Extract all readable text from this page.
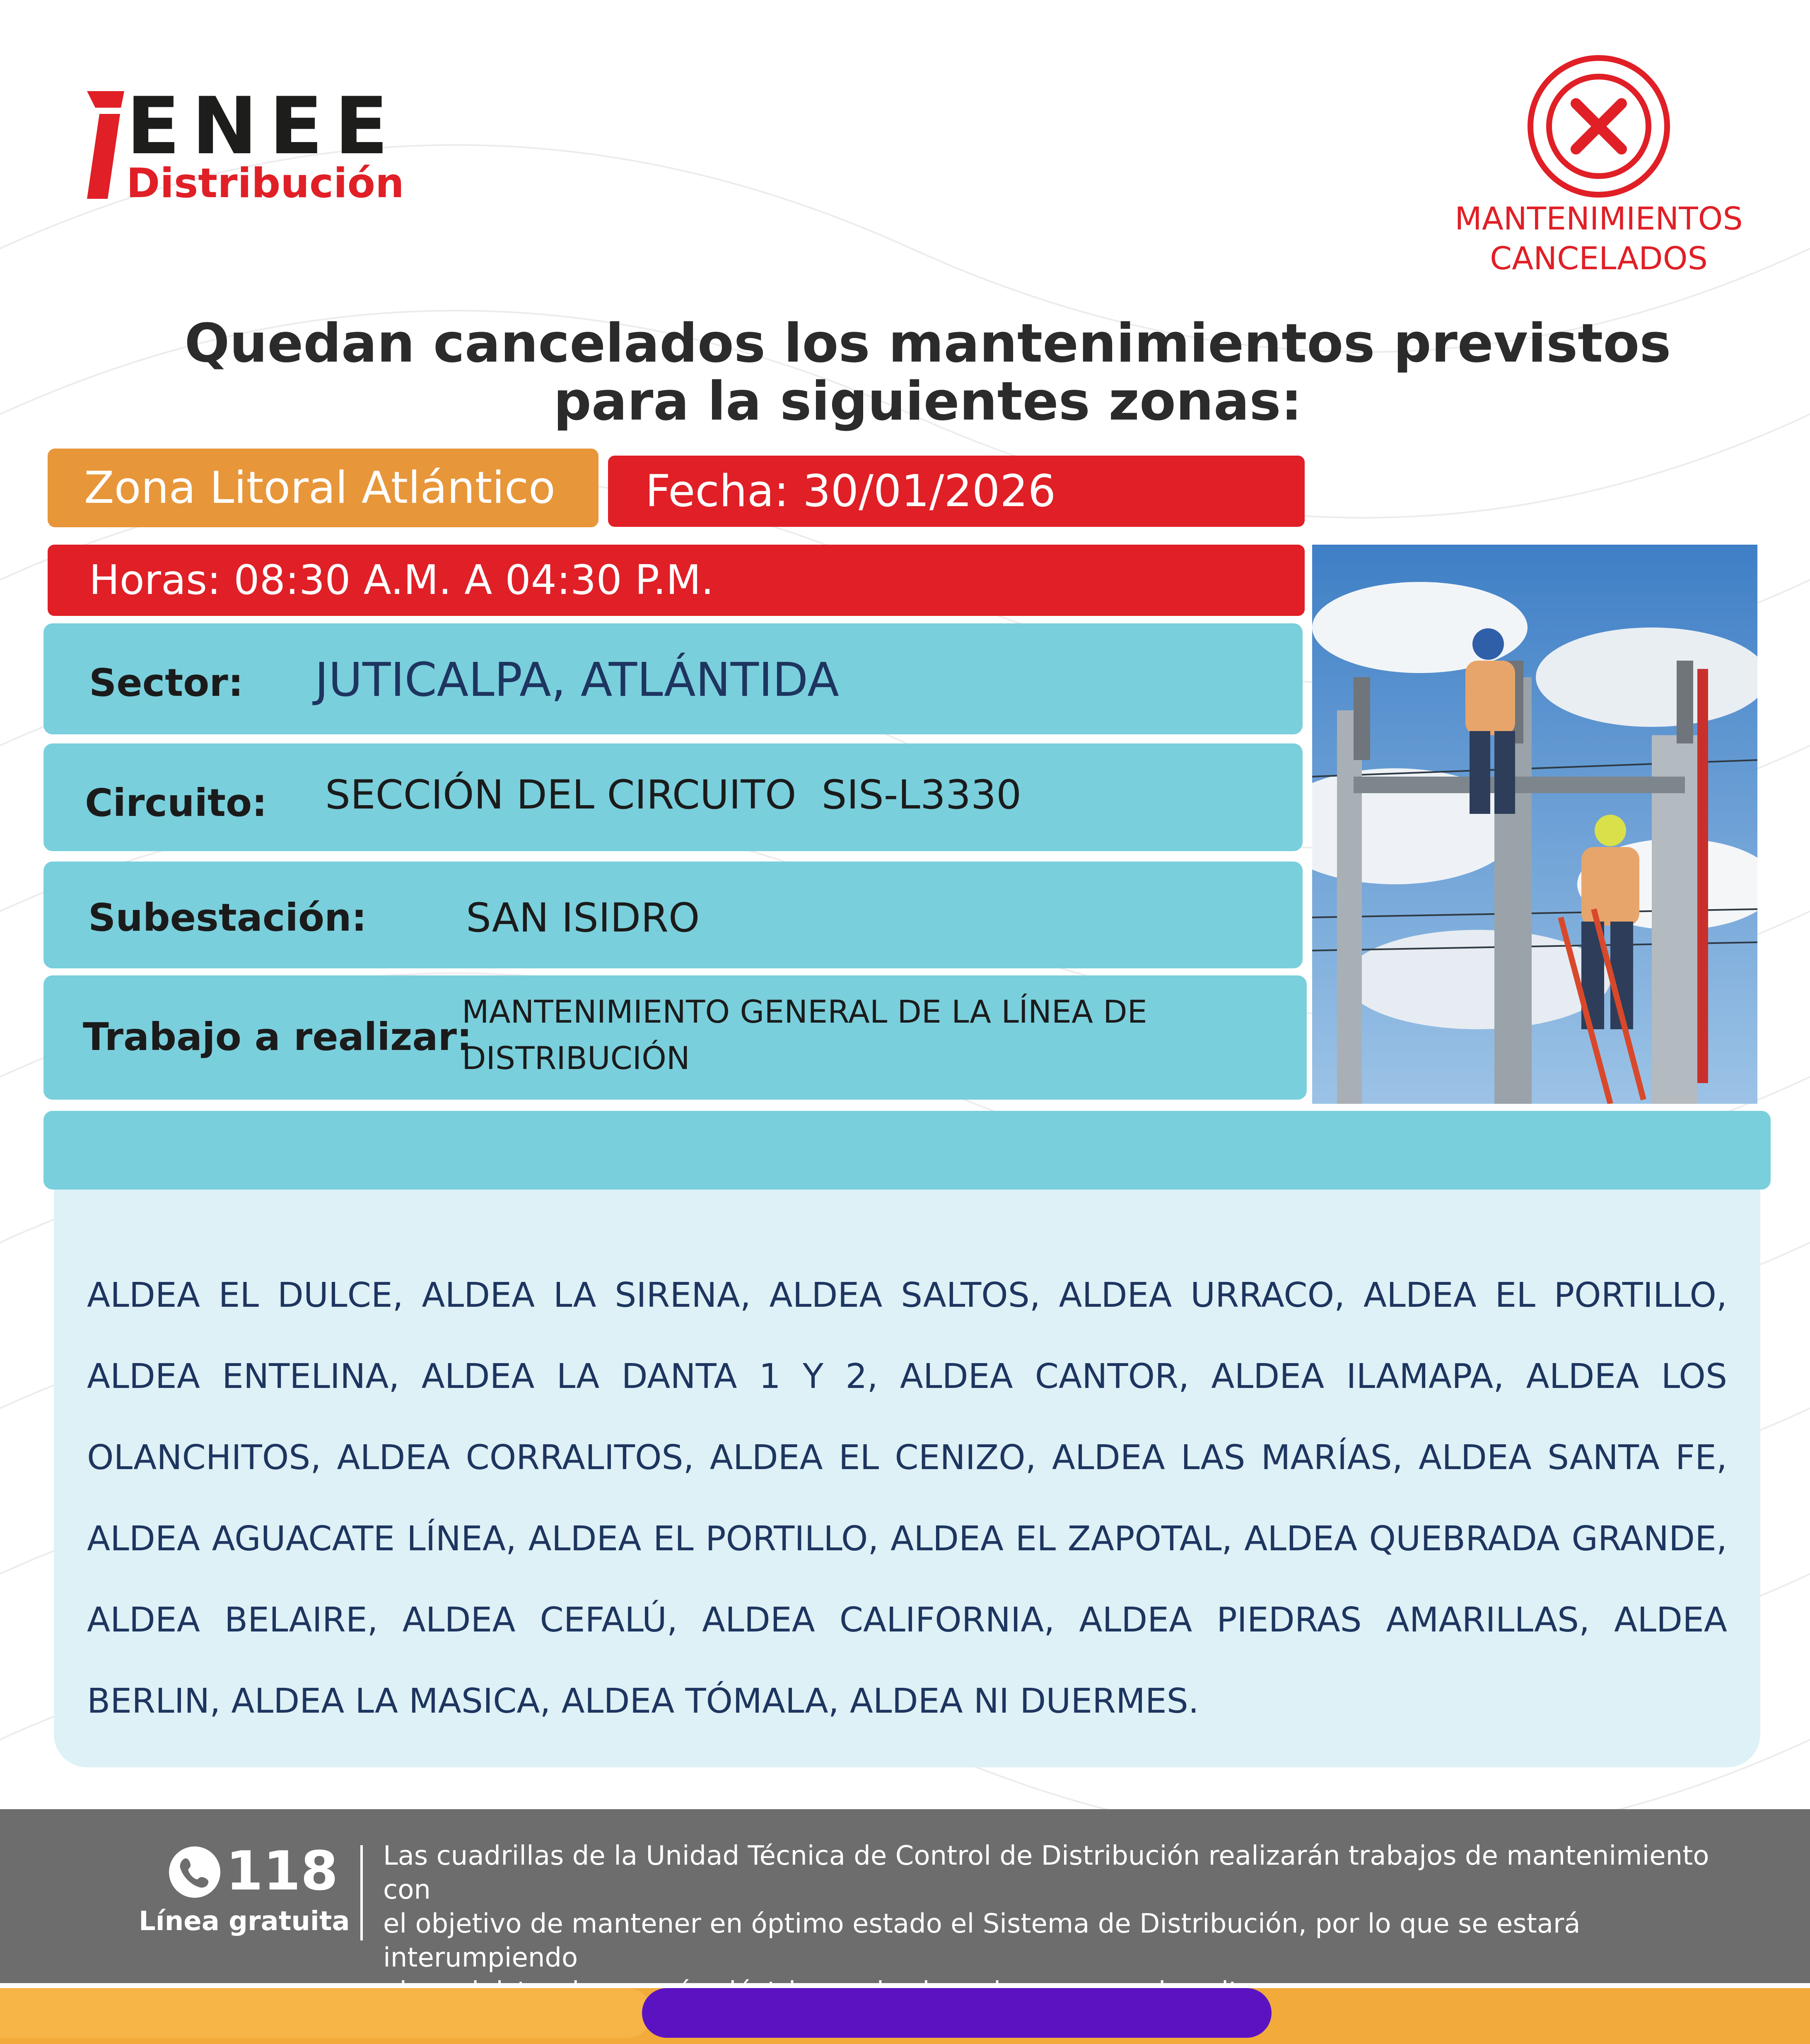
ENEE
Distribución
MANTENIMIENTOS
CANCELADOS
Quedan cancelados los mantenimientos previstos
para la siguientes zonas:
Zona Litoral Atlántico	Fecha: 30/01/2026
Horas: 08:30 A.M. A 04:30 P.M.
Sector: JUTICALPA, ATLÁNTIDA
Circuito: SECCIÓN DEL CIRCUITO  SIS-L3330
Subestación: SAN ISIDRO
Trabajo a realizar:
MANTENIMIENTO GENERAL DE LA LÍNEA DE
DISTRIBUCIÓN
ALDEA EL DULCE, ALDEA LA SIRENA, ALDEA SALTOS, ALDEA URRACO, ALDEA EL PORTILLO, ALDEA ENTELINA, ALDEA LA DANTA 1 Y 2, ALDEA CANTOR, ALDEA ILAMAPA, ALDEA LOS OLANCHITOS, ALDEA CORRALITOS, ALDEA EL CENIZO, ALDEA LAS MARÍAS, ALDEA SANTA FE, ALDEA AGUACATE LÍNEA, ALDEA EL PORTILLO, ALDEA EL ZAPOTAL, ALDEA QUEBRADA GRANDE, ALDEA BELAIRE, ALDEA CEFALÚ, ALDEA CALIFORNIA, ALDEA PIEDRAS AMARILLAS, ALDEA BERLIN, ALDEA LA MASICA, ALDEA TÓMALA, ALDEA NI DUERMES.
118
Línea gratuita
Las cuadrillas de la Unidad Técnica de Control de Distribución realizarán trabajos de mantenimiento con
el objetivo de mantener en óptimo estado el Sistema de Distribución, por lo que se estará interumpiendo
